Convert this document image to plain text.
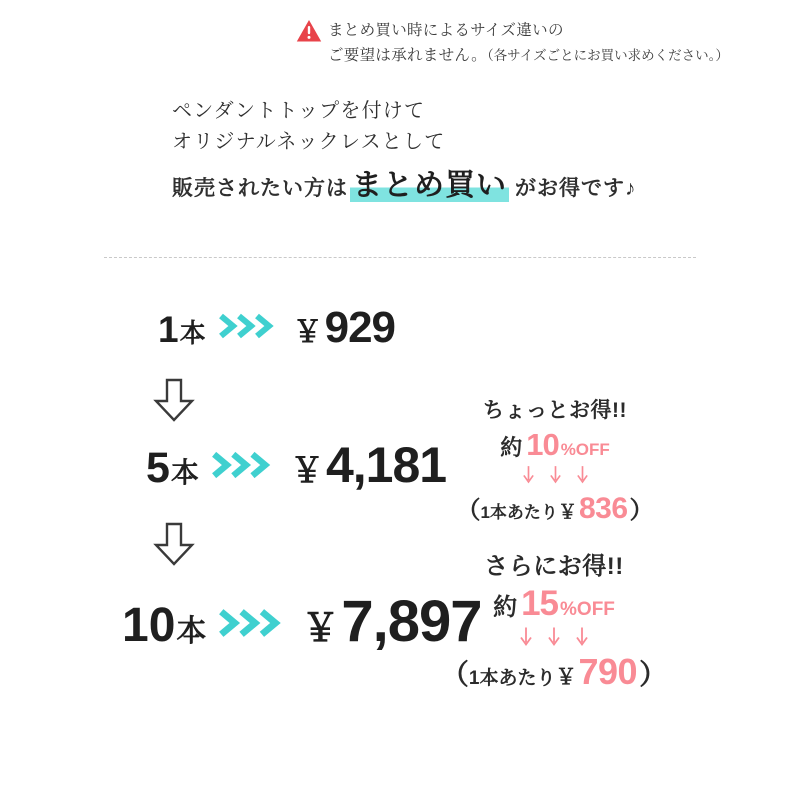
まとめ買い時によるサイズ違いの
ご要望は承れません。（各サイズごとにお買い求めください。）
ペンダントトップを付けて
オリジナルネックレスとして
販売されたい方は まとめ買い がお得です♪
1 本	￥ 929
5 本	￥ 4,181
ちょっとお得!!
約 10 %OFF
（ 1本あたり ￥ 836 ）
10 本	￥ 7,897
さらにお得!!
約 15 %OFF
（ 1本あたり ￥ 790 ）
